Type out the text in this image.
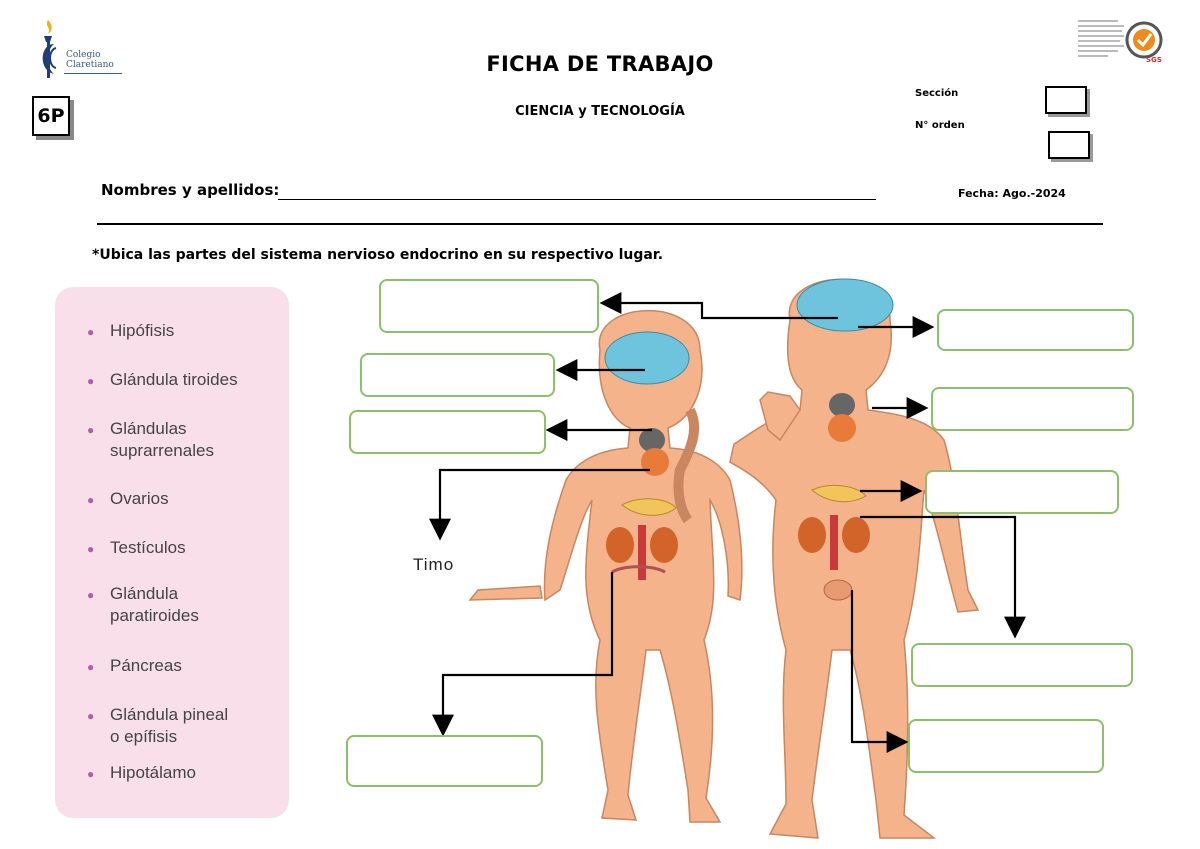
Colegio Claretiano
6P
FICHA DE TRABAJO
CIENCIA y TECNOLOGÍA
Sección
N° orden
SGS
Nombres y apellidos:	Fecha: Ago.-2024
*Ubica las partes del sistema nervioso endocrino en su respectivo lugar.
● Hipófisis
● Glándula tiroides
● Glándulas
suprarrenales
● Ovarios
● Testículos
● Glándula
paratiroides
● Páncreas
● Glándula pineal
o epífisis
● Hipotálamo
Timo
